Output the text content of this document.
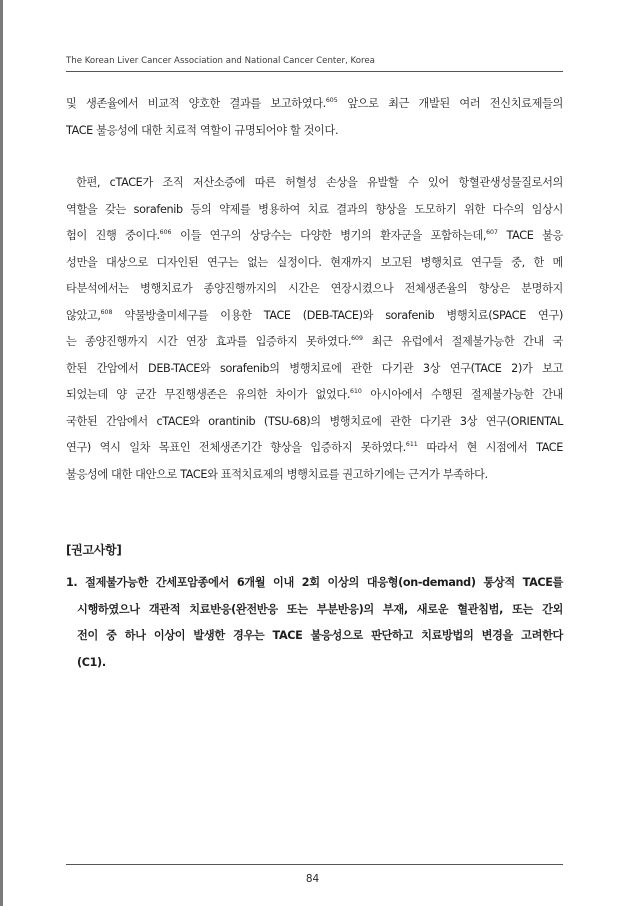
The Korean Liver Cancer Association and National Cancer Center, Korea
및 생존율에서 비교적 양호한 결과를 보고하였다.$^{605}$ 앞으로 최근 개발된 여러 전신치료제들의
TACE 불응성에 대한 치료적 역할이 규명되어야 할 것이다.
한편, cTACE가 조직 저산소증에 따른 허혈성 손상을 유발할 수 있어 항혈관생성물질로서의
역할을 갖는 sorafenib 등의 약제를 병용하여 치료 결과의 향상을 도모하기 위한 다수의 임상시
험이 진행 중이다.$^{606}$ 이들 연구의 상당수는 다양한 병기의 환자군을 포함하는데,$^{607}$ TACE 불응
성만을 대상으로 디자인된 연구는 없는 실정이다. 현재까지 보고된 병행치료 연구들 중, 한 메
타분석에서는 병행치료가 종양진행까지의 시간은 연장시켰으나 전체생존율의 향상은 분명하지
않았고,$^{608}$ 약물방출미세구를 이용한 TACE (DEB-TACE)와 sorafenib 병행치료(SPACE 연구)
는 종양진행까지 시간 연장 효과를 입증하지 못하였다.$^{609}$ 최근 유럽에서 절제불가능한 간내 국
한된 간암에서 DEB-TACE와 sorafenib의 병행치료에 관한 다기관 3상 연구(TACE 2)가 보고
되었는데 양 군간 무진행생존은 유의한 차이가 없었다.$^{610}$ 아시아에서 수행된 절제불가능한 간내
국한된 간암에서 cTACE와 orantinib (TSU-68)의 병행치료에 관한 다기관 3상 연구(ORIENTAL
연구) 역시 일차 목표인 전체생존기간 향상을 입증하지 못하였다.$^{611}$ 따라서 현 시점에서 TACE
불응성에 대한 대안으로 TACE와 표적치료제의 병행치료를 권고하기에는 근거가 부족하다.
[권고사항]
1. 절제불가능한 간세포암종에서 6개월 이내 2회 이상의 대응형(on-demand) 통상적 TACE를
시행하였으나 객관적 치료반응(완전반응 또는 부분반응)의 부재, 새로운 혈관침범, 또는 간외
전이 중 하나 이상이 발생한 경우는 TACE 불응성으로 판단하고 치료방법의 변경을 고려한다
(C1).
84
